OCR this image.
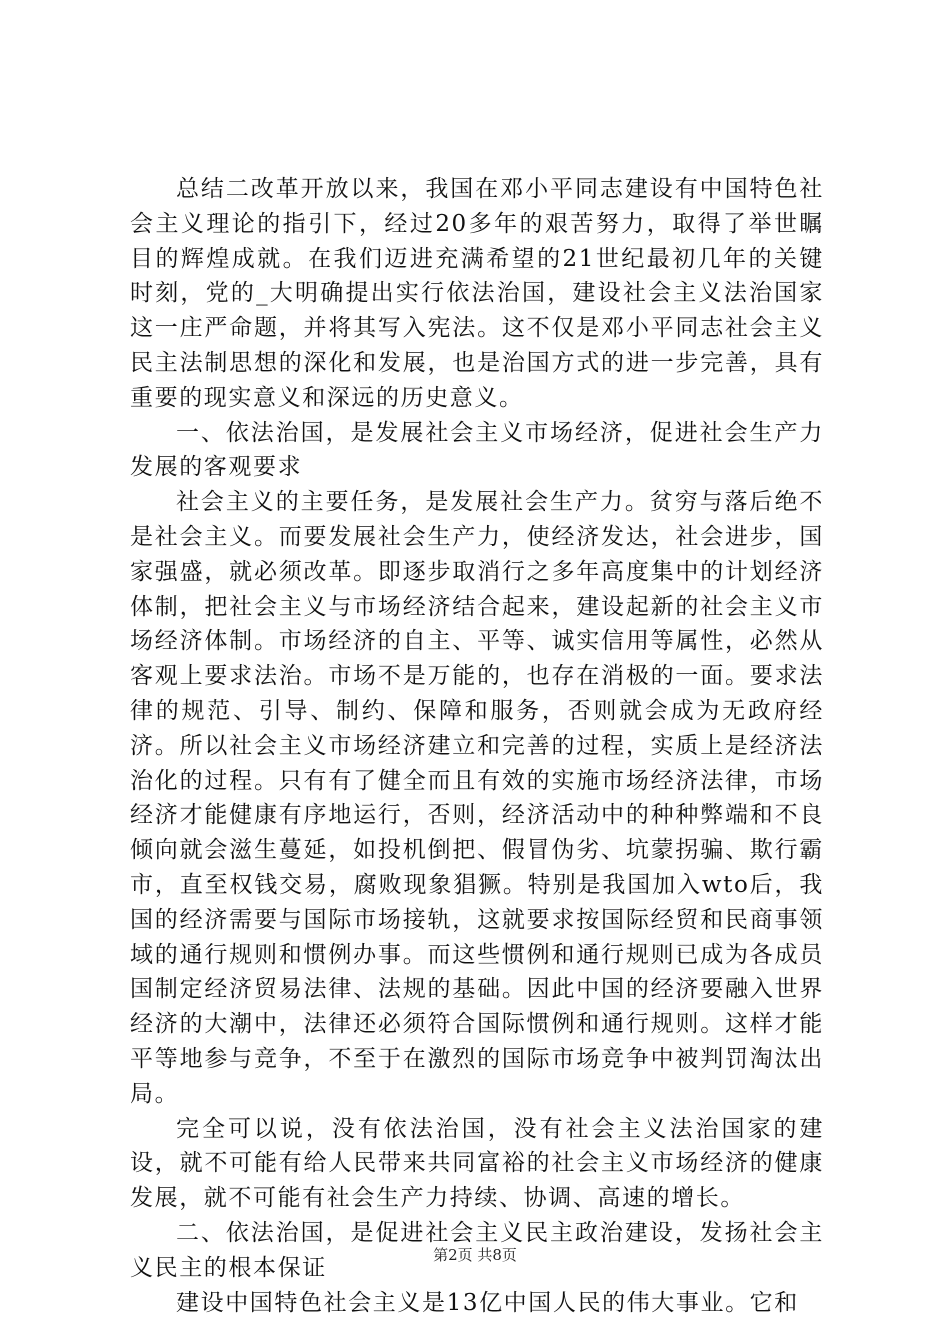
总结二改革开放以来，我国在邓小平同志建设有中国特色社会主义理论的指引下，经过20多年的艰苦努力，取得了举世瞩目的辉煌成就。在我们迈进充满希望的21世纪最初几年的关键时刻，党的_大明确提出实行依法治国，建设社会主义法治国家这一庄严命题，并将其写入宪法。这不仅是邓小平同志社会主义民主法制思想的深化和发展，也是治国方式的进一步完善，具有重要的现实意义和深远的历史意义。

一、依法治国，是发展社会主义市场经济，促进社会生产力发展的客观要求

社会主义的主要任务，是发展社会生产力。贫穷与落后绝不是社会主义。而要发展社会生产力，使经济发达，社会进步，国家强盛，就必须改革。即逐步取消行之多年高度集中的计划经济体制，把社会主义与市场经济结合起来，建设起新的社会主义市场经济体制。市场经济的自主、平等、诚实信用等属性，必然从客观上要求法治。市场不是万能的，也存在消极的一面。要求法律的规范、引导、制约、保障和服务，否则就会成为无政府经济。所以社会主义市场经济建立和完善的过程，实质上是经济法治化的过程。只有有了健全而且有效的实施市场经济法律，市场经济才能健康有序地运行，否则，经济活动中的种种弊端和不良倾向就会滋生蔓延，如投机倒把、假冒伪劣、坑蒙拐骗、欺行霸市，直至权钱交易，腐败现象猖獗。特别是我国加入wto后，我国的经济需要与国际市场接轨，这就要求按国际经贸和民商事领域的通行规则和惯例办事。而这些惯例和通行规则已成为各成员国制定经济贸易法律、法规的基础。因此中国的经济要融入世界经济的大潮中，法律还必须符合国际惯例和通行规则。这样才能平等地参与竞争，不至于在激烈的国际市场竞争中被判罚淘汰出局。

完全可以说，没有依法治国，没有社会主义法治国家的建设，就不可能有给人民带来共同富裕的社会主义市场经济的健康发展，就不可能有社会生产力持续、协调、高速的增长。

二、依法治国，是促进社会主义民主政治建设，发扬社会主义民主的根本保证

建设中国特色社会主义是13亿中国人民的伟大事业。它和

第2页 共8页
